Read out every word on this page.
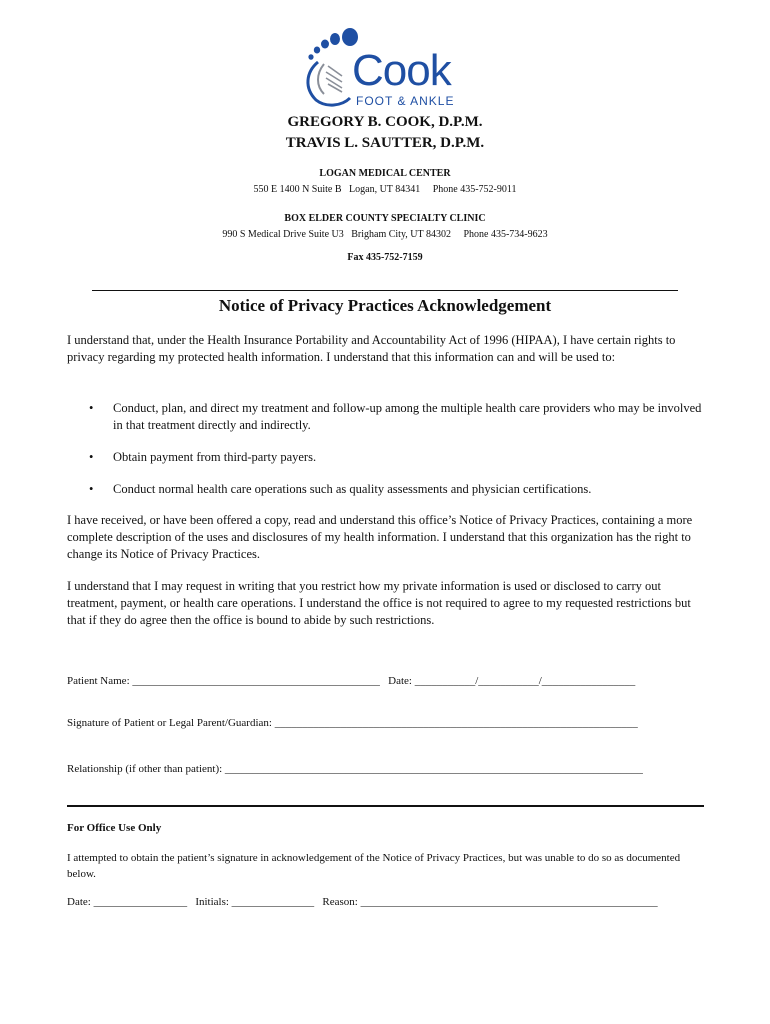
Cook
FOOT & ANKLE
GREGORY B. COOK, D.P.M.
TRAVIS L. SAUTTER, D.P.M.
LOGAN MEDICAL CENTER
550 E 1400 N Suite B   Logan, UT 84341     Phone 435-752-9011
BOX ELDER COUNTY SPECIALTY CLINIC
990 S Medical Drive Suite U3   Brigham City, UT 84302     Phone 435-734-9623
Fax 435-752-7159
Notice of Privacy Practices Acknowledgement
I understand that, under the Health Insurance Portability and Accountability Act of 1996 (HIPAA), I have certain rights to privacy regarding my protected health information. I understand that this information can and will be used to:
• Conduct, plan, and direct my treatment and follow-up among the multiple health care providers who may be involved in that treatment directly and indirectly.
• Obtain payment from third-party payers.
• Conduct normal health care operations such as quality assessments and physician certifications.
I have received, or have been offered a copy, read and understand this office’s Notice of Privacy Practices, containing a more complete description of the uses and disclosures of my health information. I understand that this organization has the right to change its Notice of Privacy Practices.
I understand that I may request in writing that you restrict how my private information is used or disclosed to carry out treatment, payment, or health care operations. I understand the office is not required to agree to my requested restrictions but that if they do agree then the office is bound to abide by such restrictions.
Patient Name: _____________________________________________   Date: ___________/___________/_________________
Signature of Patient or Legal Parent/Guardian: __________________________________________________________________
Relationship (if other than patient): ____________________________________________________________________________
For Office Use Only
I attempted to obtain the patient’s signature in acknowledgement of the Notice of Privacy Practices, but was unable to do so as documented below.
Date: _________________   Initials: _______________   Reason: ______________________________________________________
